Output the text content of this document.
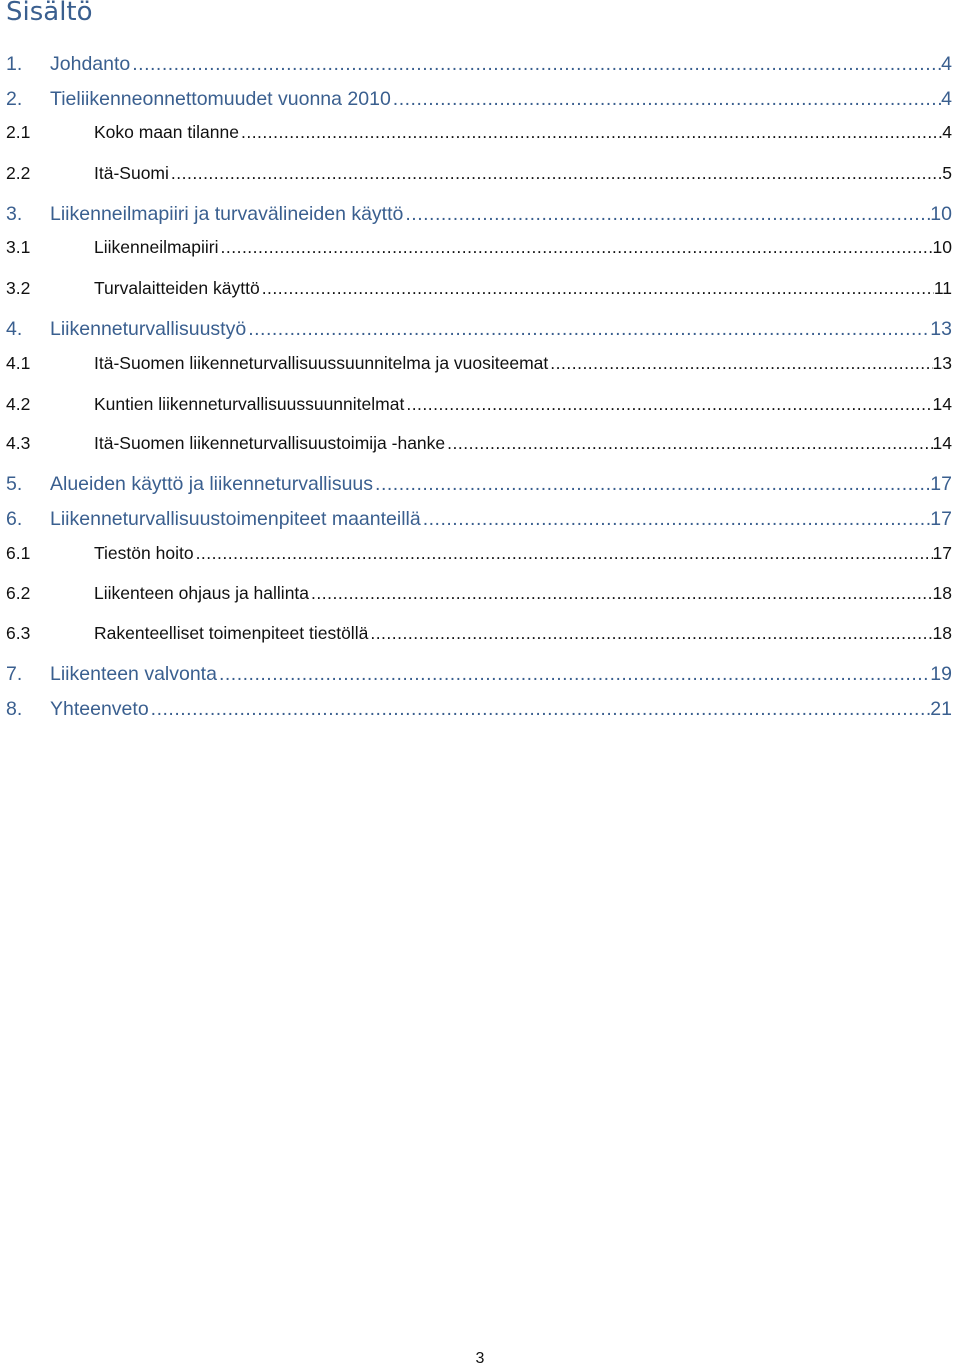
Sisältö
1.	Johdanto .....	4
2.	Tieliikenneonnettomuudet vuonna 2010 .....	4
2.1	Koko maan tilanne .....	4
2.2	Itä-Suomi .....	5
3.	Liikenneilmapiiri ja turvavälineiden käyttö .....	10
3.1	Liikenneilmapiiri .....	10
3.2	Turvalaitteiden käyttö .....	11
4.	Liikenneturvallisuustyö .....	13
4.1	Itä-Suomen liikenneturvallisuussuunnitelma ja vuositeemat .....	13
4.2	Kuntien liikenneturvallisuussuunnitelmat .....	14
4.3	Itä-Suomen liikenneturvallisuustoimija -hanke .....	14
5.	Alueiden käyttö ja liikenneturvallisuus .....	17
6.	Liikenneturvallisuustoimenpiteet maanteillä .....	17
6.1	Tiestön hoito .....	17
6.2	Liikenteen ohjaus ja hallinta .....	18
6.3	Rakenteelliset toimenpiteet tiestöllä .....	18
7.	Liikenteen valvonta .....	19
8.	Yhteenveto .....	21
3
